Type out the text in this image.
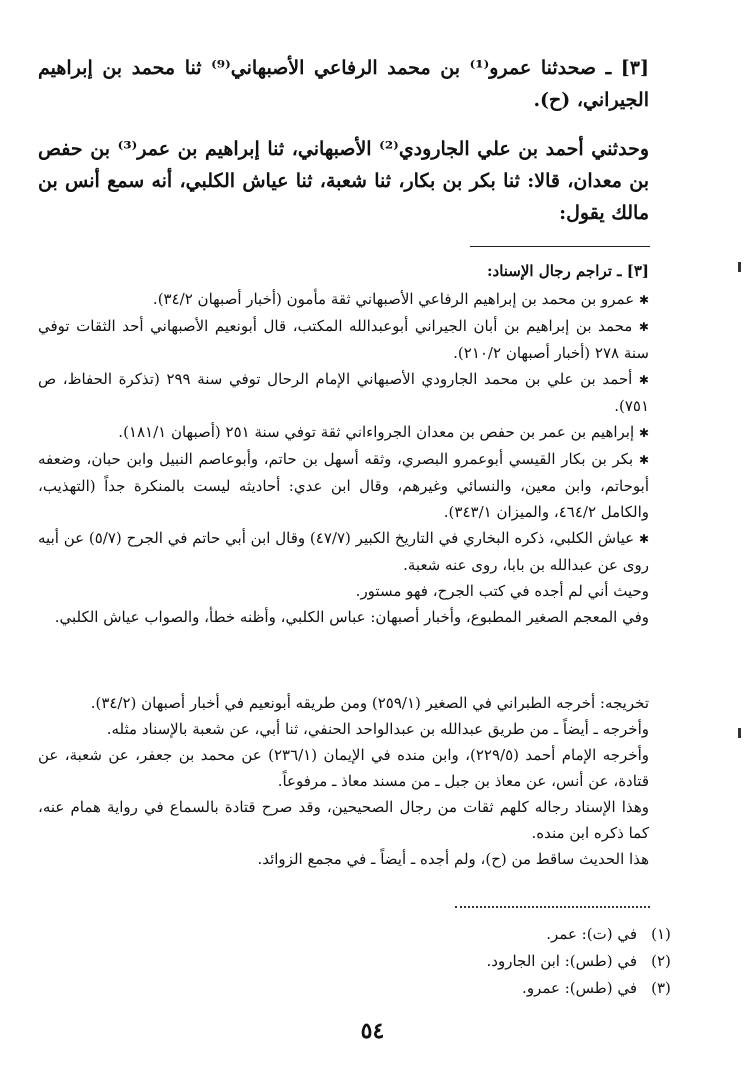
[٣] ـ صحدثنا عمرو⁽¹⁾ بن محمد الرفاعي الأصبهاني⁽⁹⁾ ثنا محمد بن إبراهيم الجيراني، (ح).

وحدثني أحمد بن علي الجارودي⁽²⁾ الأصبهاني، ثنا إبراهيم بن عمر⁽³⁾ بن حفص بن معدان، قالا: ثنا بكر بن بكار، ثنا شعبة، ثنا عياش الكلبي، أنه سمع أنس بن مالك يقول:

[٣] ـ تراجم رجال الإسناد:

✱ عمرو بن محمد بن إبراهيم الرفاعي الأصبهاني ثقة مأمون (أخبار أصبهان ٣٤/٢).

✱ محمد بن إبراهيم بن أبان الجيراني أبوعبدالله المكتب، قال أبونعيم الأصبهاني أحد الثقات توفي سنة ٢٧٨ (أخبار أصبهان ٢١٠/٢).

✱ أحمد بن علي بن محمد الجارودي الأصبهاني الإمام الرحال توفي سنة ٢٩٩ (تذكرة الحفاظ، ص ٧٥١).

✱ إبراهيم بن عمر بن حفص بن معدان الجرواءاني ثقة توفي سنة ٢٥١ (أصبهان ١٨١/١).

✱ بكر بن بكار القيسي أبوعمرو البصري، وثقه أسهل بن حاتم، وأبوعاصم النبيل وابن حبان، وضعفه أبوحاتم، وابن معين، والنسائي وغيرهم، وقال ابن عدي: أحاديثه ليست بالمنكرة جداً (التهذيب، والكامل ٤٦٤/٢، والميزان ٣٤٣/١).

✱ عياش الكلبي، ذكره البخاري في التاريخ الكبير (٤٧/٧) وقال ابن أبي حاتم في الجرح (٥/٧) عن أبيه روى عن عبدالله بن بابا، روى عنه شعبة.

وحيث أني لم أجده في كتب الجرح، فهو مستور.

وفي المعجم الصغير المطبوع، وأخبار أصبهان: عباس الكلبي، وأظنه خطأ، والصواب عياش الكلبي.

تخريجه: أخرجه الطبراني في الصغير (٢٥٩/١) ومن طريقه أبونعيم في أخبار أصبهان (٣٤/٢).

وأخرجه ـ أيضاً ـ من طريق عبدالله بن عبدالواحد الحنفي، ثنا أبي، عن شعبة بالإسناد مثله.

وأخرجه الإمام أحمد (٢٢٩/٥)، وابن منده في الإيمان (٢٣٦/١) عن محمد بن جعفر، عن شعبة، عن قتادة، عن أنس، عن معاذ بن جبل ـ من مسند معاذ ـ مرفوعاً.

وهذا الإسناد رجاله كلهم ثقات من رجال الصحيحين، وقد صرح قتادة بالسماع في رواية همام عنه، كما ذكره ابن منده.

هذا الحديث ساقط من (ح)، ولم أجده ـ أيضاً ـ في مجمع الزوائد.

(١)
في (ت): عمر.
(٢)
في (طس): ابن الجارود.
(٣)
في (طس): عمرو.
٥٤
